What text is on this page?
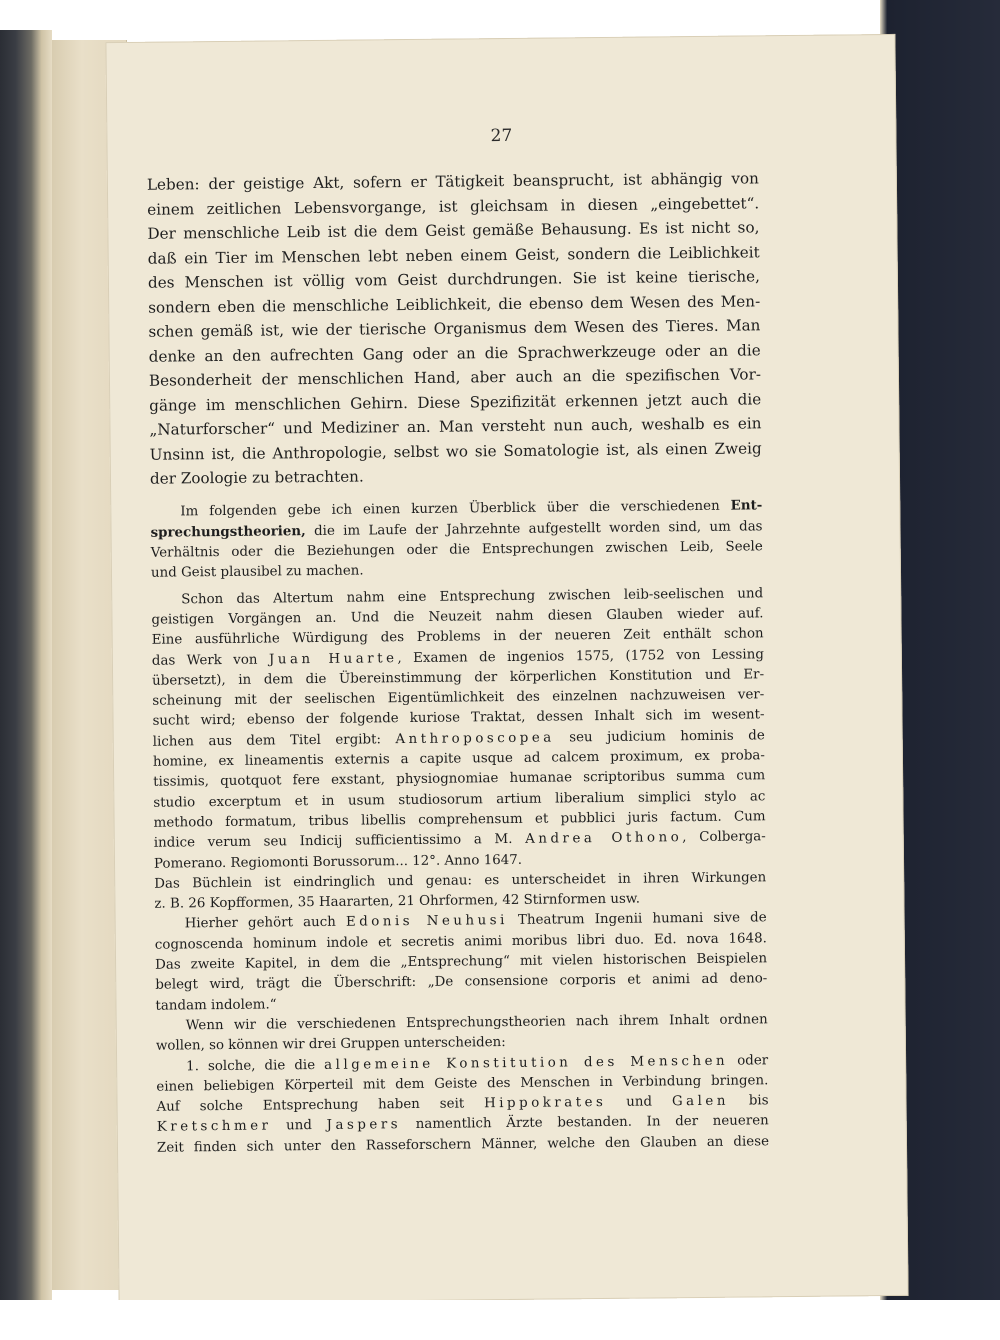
27
Leben: der geistige Akt, sofern er Tätigkeit beansprucht, ist abhängig von
einem zeitlichen Lebensvorgange, ist gleichsam in diesen „eingebettet“.
Der menschliche Leib ist die dem Geist gemäße Behausung. Es ist nicht so,
daß ein Tier im Menschen lebt neben einem Geist, sondern die Leiblichkeit
des Menschen ist völlig vom Geist durchdrungen. Sie ist keine tierische,
sondern eben die menschliche Leiblichkeit, die ebenso dem Wesen des Men-
schen gemäß ist, wie der tierische Organismus dem Wesen des Tieres. Man
denke an den aufrechten Gang oder an die Sprachwerkzeuge oder an die
Besonderheit der menschlichen Hand, aber auch an die spezifischen Vor-
gänge im menschlichen Gehirn. Diese Spezifizität erkennen jetzt auch die
„Naturforscher“ und Mediziner an. Man versteht nun auch, weshalb es ein
Unsinn ist, die Anthropologie, selbst wo sie Somatologie ist, als einen Zweig
der Zoologie zu betrachten.
Im folgenden gebe ich einen kurzen Überblick über die verschiedenen Ent-
sprechungstheorien, die im Laufe der Jahrzehnte aufgestellt worden sind, um das
Verhältnis oder die Beziehungen oder die Entsprechungen zwischen Leib, Seele
und Geist plausibel zu machen.
Schon das Altertum nahm eine Entsprechung zwischen leib-seelischen und
geistigen Vorgängen an. Und die Neuzeit nahm diesen Glauben wieder auf.
Eine ausführliche Würdigung des Problems in der neueren Zeit enthält schon
das Werk von Juan Huarte, Examen de ingenios 1575, (1752 von Lessing
übersetzt), in dem die Übereinstimmung der körperlichen Konstitution und Er-
scheinung mit der seelischen Eigentümlichkeit des einzelnen nachzuweisen ver-
sucht wird; ebenso der folgende kuriose Traktat, dessen Inhalt sich im wesent-
lichen aus dem Titel ergibt: Anthroposcopea seu judicium hominis de
homine, ex lineamentis externis a capite usque ad calcem proximum, ex proba-
tissimis, quotquot fere exstant, physiognomiae humanae scriptoribus summa cum
studio excerptum et in usum studiosorum artium liberalium simplici stylo ac
methodo formatum, tribus libellis comprehensum et pubblici juris factum. Cum
indice verum seu Indicij sufficientissimo a M. Andrea Othono, Colberga-
Pomerano. Regiomonti Borussorum... 12°. Anno 1647.
Das Büchlein ist eindringlich und genau: es unterscheidet in ihren Wirkungen
z. B. 26 Kopfformen, 35 Haararten, 21 Ohrformen, 42 Stirnformen usw.
Hierher gehört auch Edonis Neuhusi Theatrum Ingenii humani sive de
cognoscenda hominum indole et secretis animi moribus libri duo. Ed. nova 1648.
Das zweite Kapitel, in dem die „Entsprechung“ mit vielen historischen Beispielen
belegt wird, trägt die Überschrift: „De consensione corporis et animi ad deno-
tandam indolem.“
Wenn wir die verschiedenen Entsprechungstheorien nach ihrem Inhalt ordnen
wollen, so können wir drei Gruppen unterscheiden:
1. solche, die die allgemeine Konstitution des Menschen oder
einen beliebigen Körperteil mit dem Geiste des Menschen in Verbindung bringen.
Auf solche Entsprechung haben seit Hippokrates und Galen bis
Kretschmer und Jaspers namentlich Ärzte bestanden. In der neueren
Zeit finden sich unter den Rasseforschern Männer, welche den Glauben an diese
